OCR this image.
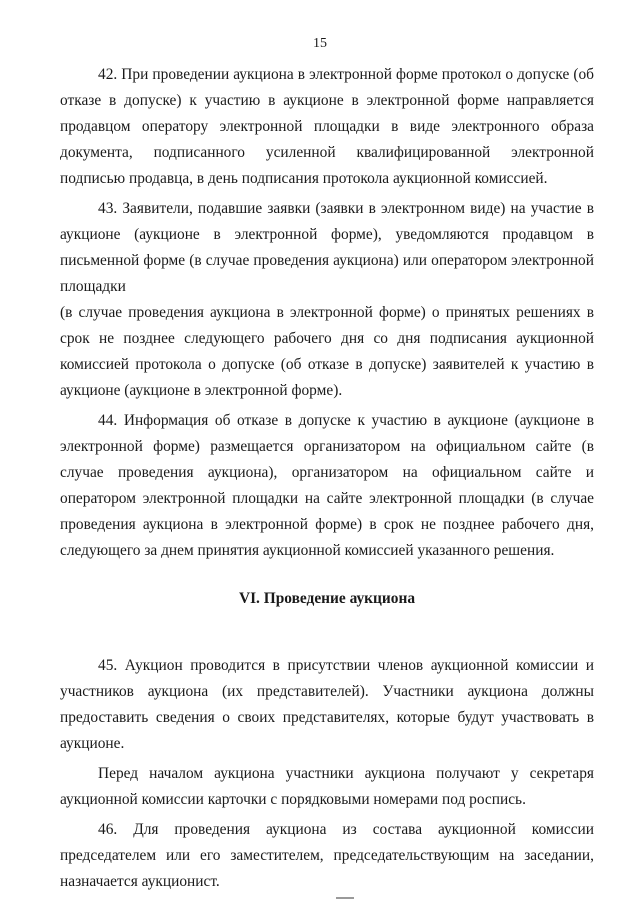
15

42. При проведении аукциона в электронной форме протокол о допуске (об отказе в допуске) к участию в аукционе в электронной форме направляется продавцом оператору электронной площадки в виде электронного образа документа, подписанного усиленной квалифицированной электронной подписью продавца, в день подписания протокола аукционной комиссией.

43. Заявители, подавшие заявки (заявки в электронном виде) на участие в аукционе (аукционе в электронной форме), уведомляются продавцом в письменной форме (в случае проведения аукциона) или оператором электронной площадки

(в случае проведения аукциона в электронной форме) о принятых решениях в срок не позднее следующего рабочего дня со дня подписания аукционной комиссией протокола о допуске (об отказе в допуске) заявителей к участию в аукционе (аукционе в электронной форме).

44. Информация об отказе в допуске к участию в аукционе (аукционе в электронной форме) размещается организатором на официальном сайте (в случае проведения аукциона), организатором на официальном сайте и оператором электронной площадки на сайте электронной площадки (в случае проведения аукциона в электронной форме) в срок не позднее рабочего дня, следующего за днем принятия аукционной комиссией указанного решения.

VI. Проведение аукциона

45. Аукцион проводится в присутствии членов аукционной комиссии и участников аукциона (их представителей). Участники аукциона должны предоставить сведения о своих представителях, которые будут участвовать в аукционе.

Перед началом аукциона участники аукциона получают у секретаря аукционной комиссии карточки с порядковыми номерами под роспись.

46. Для проведения аукциона из состава аукционной комиссии председателем или его заместителем, председательствующим на заседании, назначается аукционист.
